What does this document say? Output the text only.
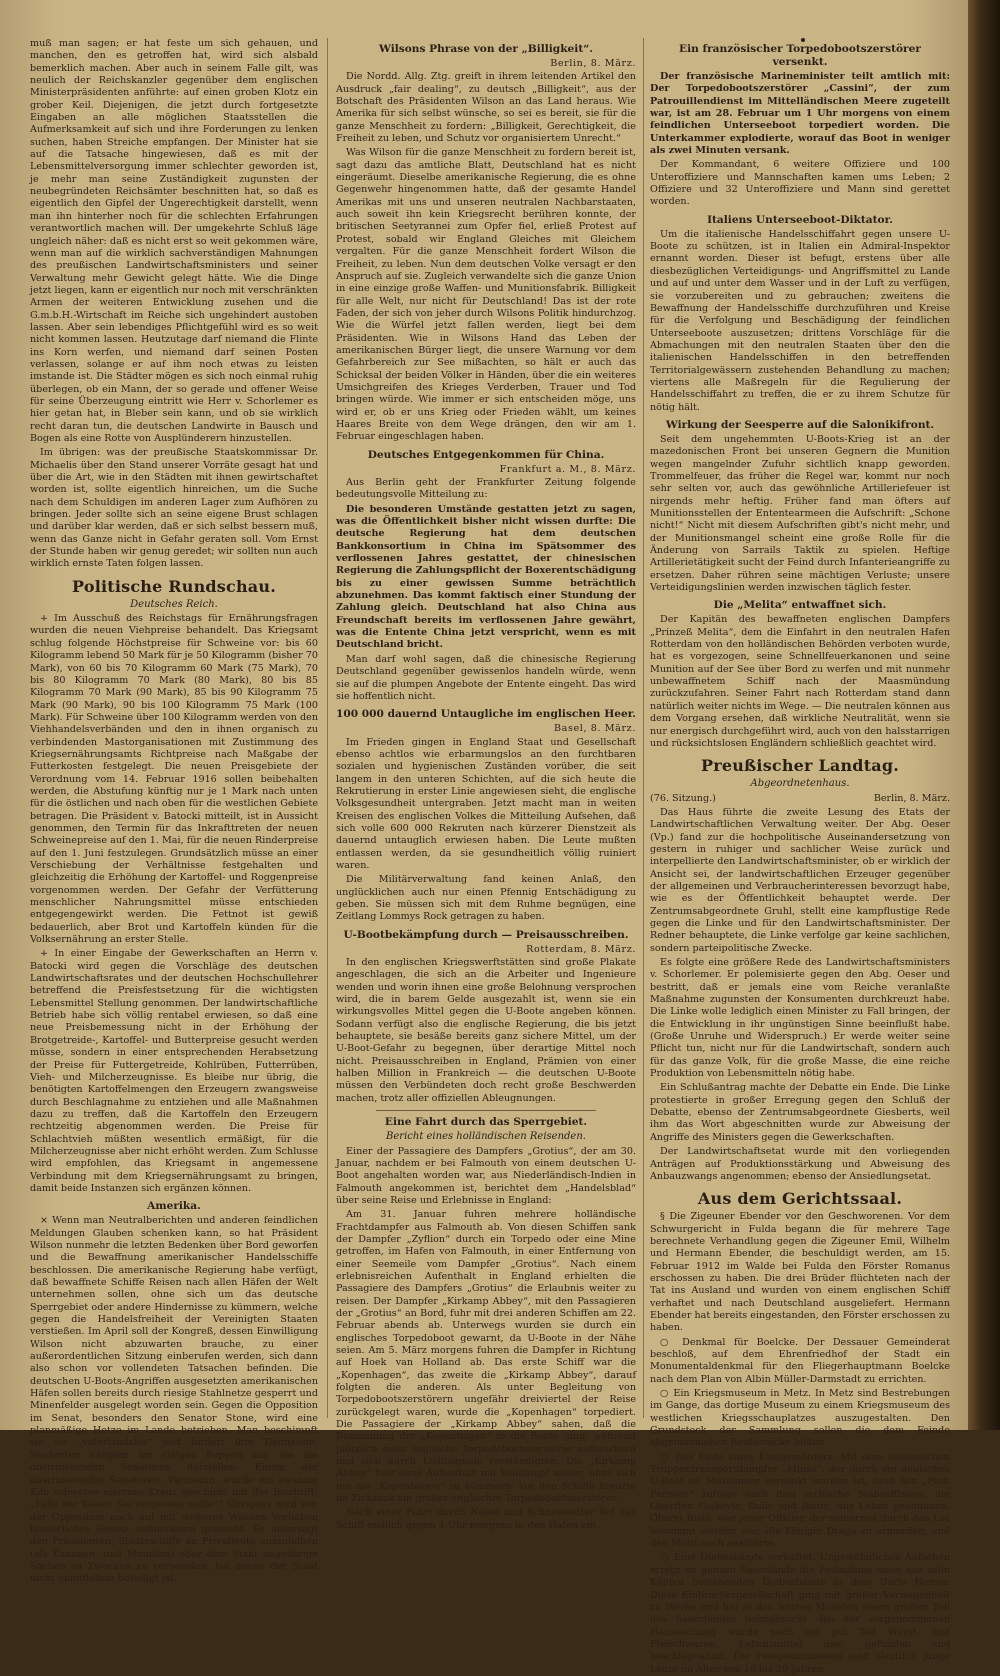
muß man sagen; er hat feste um sich gehauen, und manchen, den es getroffen hat, wird sich alsbald bemerklich machen. Aber auch in seinem Falle gilt, was neulich der Reichskanzler gegenüber dem englischen Ministerpräsidenten anführte: auf einen groben Klotz ein grober Keil. Diejenigen, die jetzt durch fortgesetzte Eingaben an alle möglichen Staatsstellen die Aufmerksamkeit auf sich und ihre Forderungen zu lenken suchen, haben Streiche empfangen. Der Minister hat sie auf die Tatsache hingewiesen, daß es mit der Lebensmittelversorgung immer schlechter geworden ist, je mehr man seine Zuständigkeit zugunsten der neubegründeten Reichsämter beschnitten hat, so daß es eigentlich den Gipfel der Ungerechtigkeit darstellt, wenn man ihn hinterher noch für die schlechten Erfahrungen verantwortlich machen will. Der umgekehrte Schluß läge ungleich näher: daß es nicht erst so weit gekommen wäre, wenn man auf die wirklich sachverständigen Mahnungen des preußischen Landwirtschaftsministers und seiner Verwaltung mehr Gewicht gelegt hätte. Wie die Dinge jetzt liegen, kann er eigentlich nur noch mit verschränkten Armen der weiteren Entwicklung zusehen und die G.m.b.H.-Wirtschaft im Reiche sich ungehindert austoben lassen. Aber sein lebendiges Pflichtgefühl wird es so weit nicht kommen lassen. Heutzutage darf niemand die Flinte ins Korn werfen, und niemand darf seinen Posten verlassen, solange er auf ihm noch etwas zu leisten imstande ist. Die Städter mögen es sich noch einmal ruhig überlegen, ob ein Mann, der so gerade und offener Weise für seine Überzeugung eintritt wie Herr v. Schorlemer es hier getan hat, in Bleber sein kann, und ob sie wirklich recht daran tun, die deutschen Landwirte in Bausch und Bogen als eine Rotte von Ausplünderern hinzustellen.

Im übrigen: was der preußische Staatskommissar Dr. Michaelis über den Stand unserer Vorräte gesagt hat und über die Art, wie in den Städten mit ihnen gewirtschaftet worden ist, sollte eigentlich hinreichen, um die Suche nach dem Schuldigen im anderen Lager zum Aufhören zu bringen. Jeder sollte sich an seine eigene Brust schlagen und darüber klar werden, daß er sich selbst bessern muß, wenn das Ganze nicht in Gefahr geraten soll. Vom Ernst der Stunde haben wir genug geredet; wir sollten nun auch wirklich ernste Taten folgen lassen.

Politische Rundschau.
Deutsches Reich.

+ Im Ausschuß des Reichstags für Ernährungsfragen wurden die neuen Viehpreise behandelt. Das Kriegsamt schlug folgende Höchstpreise für Schweine vor: bis 60 Kilogramm lebend 50 Mark für je 50 Kilogramm (bisher 70 Mark), von 60 bis 70 Kilogramm 60 Mark (75 Mark), 70 bis 80 Kilogramm 70 Mark (80 Mark), 80 bis 85 Kilogramm 70 Mark (90 Mark), 85 bis 90 Kilogramm 75 Mark (90 Mark), 90 bis 100 Kilogramm 75 Mark (100 Mark). Für Schweine über 100 Kilogramm werden von den Viehhandelsverbänden und den in ihnen organisch zu verbindenden Mastorganisationen mit Zustimmung des Kriegsernährungsamts Richtpreise nach Maßgabe der Futterkosten festgelegt. Die neuen Preisgebiete der Verordnung vom 14. Februar 1916 sollen beibehalten werden, die Abstufung künftig nur je 1 Mark nach unten für die östlichen und nach oben für die westlichen Gebiete betragen. Die Präsident v. Batocki mitteilt, ist in Aussicht genommen, den Termin für das Inkrafttreten der neuen Schweinepreise auf den 1. Mai, für die neuen Rinderpreise auf den 1. Juni festzulegen. Grundsätzlich müsse an einer Verschiebung der Verhältnisse festgehalten und gleichzeitig die Erhöhung der Kartoffel- und Roggenpreise vorgenommen werden. Der Gefahr der Verfütterung menschlicher Nahrungsmittel müsse entschieden entgegengewirkt werden. Die Fettnot ist gewiß bedauerlich, aber Brot und Kartoffeln künden für die Volksernährung an erster Stelle.

+ In einer Eingabe der Gewerkschaften an Herrn v. Batocki wird gegen die Vorschläge des deutschen Landwirtschaftsrates und der deutschen Hochschullehrer betreffend die Preisfestsetzung für die wichtigsten Lebensmittel Stellung genommen. Der landwirtschaftliche Betrieb habe sich völlig rentabel erwiesen, so daß eine neue Preisbemessung nicht in der Erhöhung der Brotgetreide-, Kartoffel- und Butterpreise gesucht werden müsse, sondern in einer entsprechenden Herabsetzung der Preise für Futtergetreide, Kohlrüben, Futterrüben, Vieh- und Milcherzeugnisse. Es bleibe nur übrig, die benötigten Kartoffelmengen den Erzeugern zwangsweise durch Beschlagnahme zu entziehen und alle Maßnahmen dazu zu treffen, daß die Kartoffeln den Erzeugern rechtzeitig abgenommen werden. Die Preise für Schlachtvieh müßten wesentlich ermäßigt, für die Milcherzeugnisse aber nicht erhöht werden. Zum Schlusse wird empfohlen, das Kriegsamt in angemessene Verbindung mit dem Kriegsernährungsamt zu bringen, damit beide Instanzen sich ergänzen können.

Amerika.

× Wenn man Neutralberichten und anderen feindlichen Meldungen Glauben schenken kann, so hat Präsident Wilson nunmehr die letzten Bedenken über Bord geworfen und die Bewaffnung amerikanischer Handelsschiffe beschlossen. Die amerikanische Regierung habe verfügt, daß bewaffnete Schiffe Reisen nach allen Häfen der Welt unternehmen sollen, ohne sich um das deutsche Sperrgebiet oder andere Hindernisse zu kümmern, welche gegen die Handelsfreiheit der Vereinigten Staaten verstießen. Im April soll der Kongreß, dessen Einwilligung Wilson nicht abzuwarten brauche, zu einer außerordentlichen Sitzung einberufen werden, sich dann also schon vor vollendeten Tatsachen befinden. Die deutschen U-Boots-Angriffen ausgesetzten amerikanischen Häfen sollen bereits durch riesige Stahlnetze gesperrt und Minenfelder ausgelegt worden sein. Gegen die Opposition im Senat, besonders den Senator Stone, wird eine planmäßige Hetze im Lande betrieben. Man beschimpft sie als „vaterlandslos“ und fordert ihre Demission. Studenten hängten am Galgen Puppen auf, die die obstruierenden Senatoren darstellen. Einem der obstruierenden Senatoren, Vartmann, wurde ein zwanzig Kilo schweres eisernes Kreuz geschickt mit der Inschrift: „Falls der Kaiser Sie vergessen sollte!“ Übrigens wird von der Opposition noch auf mit weiteres Wilsons Vorhaben hinderliches Gesetz aufmerksam gemacht. Es untersagt den Präsidenten, Staatsschiffe an Privatleute auszuleihen (als Kanonen- und Munition) oder dem Staat angehörige Sachen zu Zwecken zu verwenden, bei denen der Staat nicht unmittelbar beteiligt ist.

Wilsons Phrase von der „Billigkeit“.
Berlin, 8. März.

Die Nordd. Allg. Ztg. greift in ihrem leitenden Artikel den Ausdruck „fair dealing“, zu deutsch „Billigkeit“, aus der Botschaft des Präsidenten Wilson an das Land heraus. Wie Amerika für sich selbst wünsche, so sei es bereit, sie für die ganze Menschheit zu fordern: „Billigkeit, Gerechtigkeit, die Freiheit zu leben, und Schutz vor organisiertem Unrecht.“

Was Wilson für die ganze Menschheit zu fordern bereit ist, sagt dazu das amtliche Blatt, Deutschland hat es nicht eingeräumt. Dieselbe amerikanische Regierung, die es ohne Gegenwehr hingenommen hatte, daß der gesamte Handel Amerikas mit uns und unseren neutralen Nachbarstaaten, auch soweit ihn kein Kriegsrecht berühren konnte, der britischen Seetyrannei zum Opfer fiel, erließ Protest auf Protest, sobald wir England Gleiches mit Gleichem vergalten. Für die ganze Menschheit fordert Wilson die Freiheit, zu leben. Nun dem deutschen Volke versagt er den Anspruch auf sie. Zugleich verwandelte sich die ganze Union in eine einzige große Waffen- und Munitionsfabrik. Billigkeit für alle Welt, nur nicht für Deutschland! Das ist der rote Faden, der sich von jeher durch Wilsons Politik hindurchzog. Wie die Würfel jetzt fallen werden, liegt bei dem Präsidenten. Wie in Wilsons Hand das Leben der amerikanischen Bürger liegt, die unsere Warnung vor dem Gefahrbereich zur See mißachten, so hält er auch das Schicksal der beiden Völker in Händen, über die ein weiteres Umsichgreifen des Krieges Verderben, Trauer und Tod bringen würde. Wie immer er sich entscheiden möge, uns wird er, ob er uns Krieg oder Frieden wählt, um keines Haares Breite von dem Wege drängen, den wir am 1. Februar eingeschlagen haben.

Deutsches Entgegenkommen für China.
Frankfurt a. M., 8. März.

Aus Berlin geht der Frankfurter Zeitung folgende bedeutungsvolle Mitteilung zu:

Die besonderen Umstände gestatten jetzt zu sagen, was die Öffentlichkeit bisher nicht wissen durfte: Die deutsche Regierung hat dem deutschen Bankkonsortium in China im Spätsommer des verflossenen Jahres gestattet, der chinesischen Regierung die Zahlungspflicht der Boxerentschädigung bis zu einer gewissen Summe beträchtlich abzunehmen. Das kommt faktisch einer Stundung der Zahlung gleich. Deutschland hat also China aus Freundschaft bereits im verflossenen Jahre gewährt, was die Entente China jetzt verspricht, wenn es mit Deutschland bricht.

Man darf wohl sagen, daß die chinesische Regierung Deutschland gegenüber gewissenlos handeln würde, wenn sie auf die plumpen Angebote der Entente eingeht. Das wird sie hoffentlich nicht.

100 000 dauernd Untaugliche im englischen Heer.
Basel, 8. März.

Im Frieden gingen in England Staat und Gesellschaft ebenso achtlos wie erbarmungslos an den furchtbaren sozialen und hygienischen Zuständen vorüber, die seit langem in den unteren Schichten, auf die sich heute die Rekrutierung in erster Linie angewiesen sieht, die englische Volksgesundheit untergraben. Jetzt macht man in weiten Kreisen des englischen Volkes die Mitteilung Aufsehen, daß sich volle 600 000 Rekruten nach kürzerer Dienstzeit als dauernd untauglich erwiesen haben. Die Leute mußten entlassen werden, da sie gesundheitlich völlig ruiniert waren.

Die Militärverwaltung fand keinen Anlaß, den unglücklichen auch nur einen Pfennig Entschädigung zu geben. Sie müssen sich mit dem Ruhme begnügen, eine Zeitlang Lommys Rock getragen zu haben.

U-Bootbekämpfung durch — Preisausschreiben.
Rotterdam, 8. März.

In den englischen Kriegswerftstätten sind große Plakate angeschlagen, die sich an die Arbeiter und Ingenieure wenden und worin ihnen eine große Belohnung versprochen wird, die in barem Gelde ausgezahlt ist, wenn sie ein wirkungsvolles Mittel gegen die U-Boote angeben können. Sodann verfügt also die englische Regierung, die bis jetzt behauptete, sie besäße bereits ganz sichere Mittel, um der U-Boot-Gefahr zu begegnen, über derartige Mittel noch nicht. Preisausschreiben in England, Prämien von einer halben Million in Frankreich — die deutschen U-Boote müssen den Verbündeten doch recht große Beschwerden machen, trotz aller offiziellen Ableugnungen.

Eine Fahrt durch das Sperrgebiet.
Bericht eines holländischen Reisenden.

Einer der Passagiere des Dampfers „Grotius“, der am 30. Januar, nachdem er bei Falmouth von einem deutschen U-Boot angehalten worden war, aus Niederländisch-Indien in Falmouth angekommen ist, berichtet dem „Handelsblad“ über seine Reise und Erlebnisse in England:

Am 31. Januar fuhren mehrere holländische Frachtdampfer aus Falmouth ab. Von diesen Schiffen sank der Dampfer „Zyflion“ durch ein Torpedo oder eine Mine getroffen, im Hafen von Falmouth, in einer Entfernung von einer Seemeile vom Dampfer „Grotius“. Nach einem erlebnisreichen Aufenthalt in England erhielten die Passagiere des Dampfers „Grotius“ die Erlaubnis weiter zu reisen. Der Dampfer „Kirkamp Abbey“, mit den Passagieren der „Grotius“ an Bord, fuhr mit drei anderen Schiffen am 22. Februar abends ab. Unterwegs wurden sie durch ein englisches Torpedoboot gewarnt, da U-Boote in der Nähe seien. Am 5. März morgens fuhren die Dampfer in Richtung auf Hoek van Holland ab. Das erste Schiff war die „Kopenhagen“, das zweite die „Kirkamp Abbey“, darauf folgten die anderen. Als unter Begleitung von Torpedobootszerstörern ungefähr dreiviertel der Reise zurückgelegt waren, wurde die „Kopenhagen“ torpediert. Die Passagiere der „Kirkamp Abbey“ sahen, daß die Bemannung der „Kopenhagen“ in die Boote ging, während plötzlich neun englische Torpedobootszerstörer auftauchten und sich durch Lichtsignale verständigten. Die „Kirkamp Abbey“ fuhr ohne Aufenthalt mit Volldampf weiter, ohne sich um die „Kopenhagen“ zu kümmern. Vor den Schiffe kreuzte im Zickzack ein großer englischer Torpedobootszerstörer.

Nach einer Fahrt durch Nebel und Schneewetter lief das Schiff endlich gegen 4 Uhr morgens in den Hafen ein.

Ein französischer Torpedobootszerstörer versenkt.

Der französische Marineminister teilt amtlich mit: Der Torpedobootszerstörer „Cassini“, der zum Patrouillendienst im Mittelländischen Meere zugeteilt war, ist am 28. Februar um 1 Uhr morgens von einem feindlichen Unterseeboot torpediert worden. Die Unterkammer explodierte, worauf das Boot in weniger als zwei Minuten versank.

Der Kommandant, 6 weitere Offiziere und 100 Unteroffiziere und Mannschaften kamen ums Leben; 2 Offiziere und 32 Unteroffiziere und Mann sind gerettet worden.

Italiens Unterseeboot-Diktator.

Um die italienische Handelsschiffahrt gegen unsere U-Boote zu schützen, ist in Italien ein Admiral-Inspektor ernannt worden. Dieser ist befugt, erstens über alle diesbezüglichen Verteidigungs- und Angriffsmittel zu Lande und auf und unter dem Wasser und in der Luft zu verfügen, sie vorzubereiten und zu gebrauchen; zweitens die Bewaffnung der Handelsschiffe durchzuführen und Kreise für die Verfolgung und Beschädigung der feindlichen Unterseeboote auszusetzen; drittens Vorschläge für die Abmachungen mit den neutralen Staaten über den die italienischen Handelsschiffen in den betreffenden Territorialgewässern zustehenden Behandlung zu machen; viertens alle Maßregeln für die Regulierung der Handelsschiffahrt zu treffen, die er zu ihrem Schutze für nötig hält.

Wirkung der Seesperre auf die Salonikifront.

Seit dem ungehemmten U-Boots-Krieg ist an der mazedonischen Front bei unseren Gegnern die Munition wegen mangelnder Zufuhr sichtlich knapp geworden. Trommelfeuer, das früher die Regel war, kommt nur noch sehr selten vor, auch das gewöhnliche Artilleriefeuer ist nirgends mehr heftig. Früher fand man öfters auf Munitionsstellen der Ententearmeen die Aufschrift: „Schone nicht!“ Nicht mit diesem Aufschriften gibt's nicht mehr, und der Munitionsmangel scheint eine große Rolle für die Änderung von Sarrails Taktik zu spielen. Heftige Artillerietätigkeit sucht der Feind durch Infanterieangriffe zu ersetzen. Daher rühren seine mächtigen Verluste; unsere Verteidigungslinien werden inzwischen täglich fester.

Die „Melita“ entwaffnet sich.

Der Kapitän des bewaffneten englischen Dampfers „Prinzeß Melita“, dem die Einfahrt in den neutralen Hafen Rotterdam von den holländischen Behörden verboten wurde, hat es vorgezogen, seine Schnellfeuerkanonen und seine Munition auf der See über Bord zu werfen und mit nunmehr unbewaffnetem Schiff nach der Maasmündung zurückzufahren. Seiner Fahrt nach Rotterdam stand dann natürlich weiter nichts im Wege. — Die neutralen können aus dem Vorgang ersehen, daß wirkliche Neutralität, wenn sie nur energisch durchgeführt wird, auch von den halsstarrigen und rücksichtslosen Engländern schließlich geachtet wird.

Preußischer Landtag.
Abgeordnetenhaus.
(76. Sitzung.)	Berlin, 8. März.

Das Haus führte die zweite Lesung des Etats der Landwirtschaftlichen Verwaltung weiter. Der Abg. Oeser (Vp.) fand zur die hochpolitische Auseinandersetzung von gestern in ruhiger und sachlicher Weise zurück und interpellierte den Landwirtschaftsminister, ob er wirklich der Ansicht sei, der landwirtschaftlichen Erzeuger gegenüber der allgemeinen und Verbraucherinteressen bevorzugt habe, wie es der Öffentlichkeit behauptet werde. Der Zentrumsabgeordnete Gruhl, stellt eine kampflustige Rede gegen die Linke und für den Landwirtschaftsminister. Der Redner behauptete, die Linke verfolge gar keine sachlichen, sondern parteipolitische Zwecke.

Es folgte eine größere Rede des Landwirtschaftsministers v. Schorlemer. Er polemisierte gegen den Abg. Oeser und bestritt, daß er jemals eine vom Reiche veranlaßte Maßnahme zugunsten der Konsumenten durchkreuzt habe. Die Linke wolle lediglich einen Minister zu Fall bringen, der die Entwicklung in ihr ungünstigen Sinne beeinflußt habe. (Große Unruhe und Widerspruch.) Er werde weiter seine Pflicht tun, nicht nur für die Landwirtschaft, sondern auch für das ganze Volk, für die große Masse, die eine reiche Produktion von Lebensmitteln nötig habe.

Ein Schlußantrag machte der Debatte ein Ende. Die Linke protestierte in großer Erregung gegen den Schluß der Debatte, ebenso der Zentrumsabgeordnete Giesberts, weil ihm das Wort abgeschnitten wurde zur Abweisung der Angriffe des Ministers gegen die Gewerkschaften.

Der Landwirtschaftsetat wurde mit den vorliegenden Anträgen auf Produktionsstärkung und Abweisung des Anbauzwangs angenommen; ebenso der Ansiedlungsetat.

Aus dem Gerichtssaal.

§ Die Zigeuner Ebender vor den Geschworenen. Vor dem Schwurgericht in Fulda begann die für mehrere Tage berechnete Verhandlung gegen die Zigeuner Emil, Wilhelm und Hermann Ebender, die beschuldigt werden, am 15. Februar 1912 im Walde bei Fulda den Förster Romanus erschossen zu haben. Die drei Brüder flüchteten nach der Tat ins Ausland und wurden von einem englischen Schiff verhaftet und nach Deutschland ausgeliefert. Hermann Ebender hat bereits eingestanden, den Förster erschossen zu haben.

○ Denkmal für Boelcke. Der Dessauer Gemeinderat beschloß, auf dem Ehrenfriedhof der Stadt ein Monumentaldenkmal für den Fliegerhauptmann Boelcke nach dem Plan von Albin Müller-Darmstadt zu errichten.

○ Ein Kriegsmuseum in Metz. In Metz sind Bestrebungen im Gange, das dortige Museum zu einem Kriegsmuseum des westlichen Kriegsschauplatzes auszugestalten. Den Grundstock der Sammlung sollen die dem Feinde abgenommenen Beutestücke bilden.

○ Das Ende eines Königsmörders. Mit dem italienischen Truppentransportdampfer „Minas“, der durch ein deutsches U-Boot im Mittelmeer versenkt worden ist, fand den „Petit Parisien“ zufolge auch drei serbische Stabsoffiziere, die Oberften Gojkovic, Dulic und Ristic, uns Leben gekommen. Oberst Ristic war jener Offizier, der seinerzeit durch das Los bestimmt worden war, die Königin Draga zu ermorden, und den Mord auch ausführte.

○ Eine Diebesbande verhaftet. Ungewöhnliches Aufsehen erregt im ganzen Sauerlande die Festnahme einer aus zehn Köpfen bestehenden Diebesbande in dem Dorfe Hemer. Diese Einbrechergesellschaft ging mit großer Verwegenheit zu Werke und hat in den letzten Monaten einen großen Teil des Sauerlandes heimgesucht. Bei der vorgenommenen Haussuchung wurde noch ein gut Teil Wurst- und Fleischwaren, Lebensmittel usw. gefunden und beschlagnahmt. Die Festgenommenen sind sämtlich junge Leute im Alter von 16 bis 20 Jahren.
